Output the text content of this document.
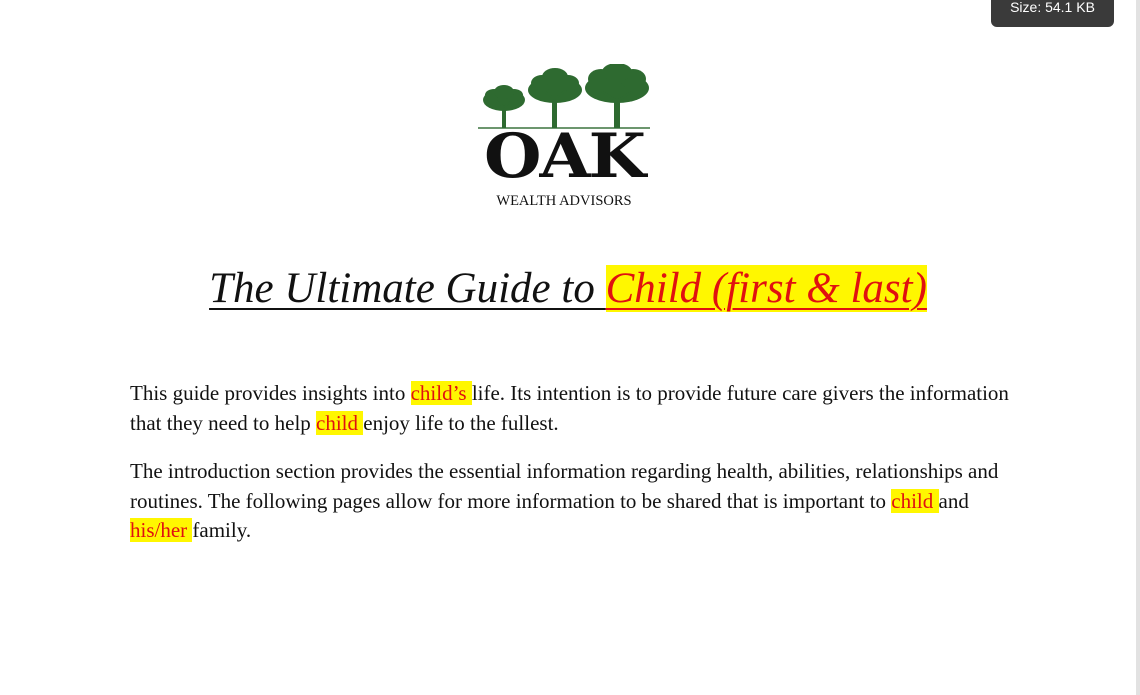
OAK
WEALTH ADVISORS
The Ultimate Guide to Child (first & last)

This guide provides insights into child’s life. Its intention is to provide future care givers the information that they need to help child enjoy life to the fullest.

The introduction section provides the essential information regarding health, abilities, relationships and routines. The following pages allow for more information to be shared that is important to child and his/her family.

Size: 54.1 KB
